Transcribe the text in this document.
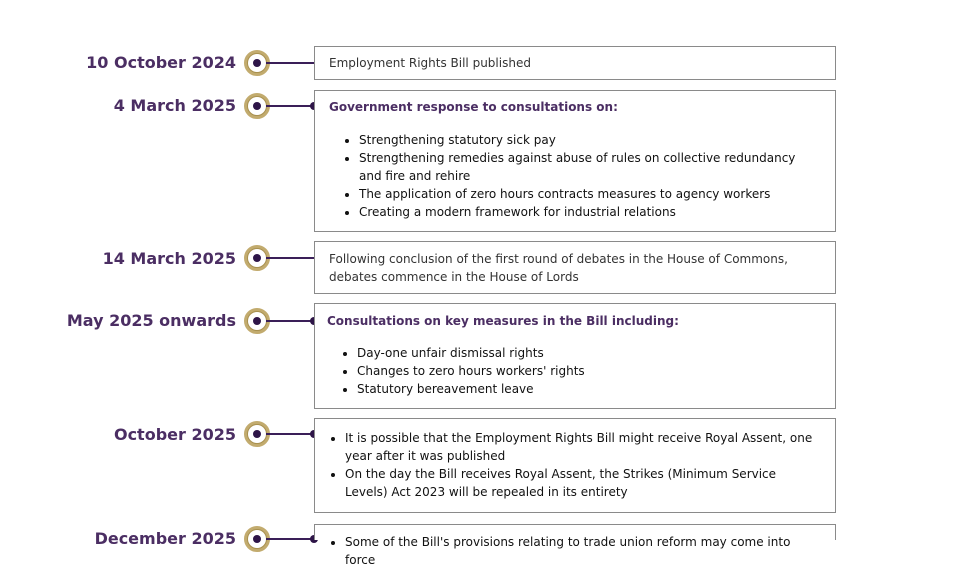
10 October 2024	Employment Rights Bill published
4 March 2025	Government response to consultations on:
• Strengthening statutory sick pay
• Strengthening remedies against abuse of rules on collective redundancy and fire and rehire
• The application of zero hours contracts measures to agency workers
• Creating a modern framework for industrial relations
14 March 2025	Following conclusion of the first round of debates in the House of Commons, debates commence in the House of Lords
May 2025 onwards	Consultations on key measures in the Bill including:
• Day-one unfair dismissal rights
• Changes to zero hours workers' rights
• Statutory bereavement leave
October 2025	• It is possible that the Employment Rights Bill might receive Royal Assent, one year after it was published
• On the day the Bill receives Royal Assent, the Strikes (Minimum Service Levels) Act 2023 will be repealed in its entirety
December 2025	• Some of the Bill's provisions relating to trade union reform may come into force
